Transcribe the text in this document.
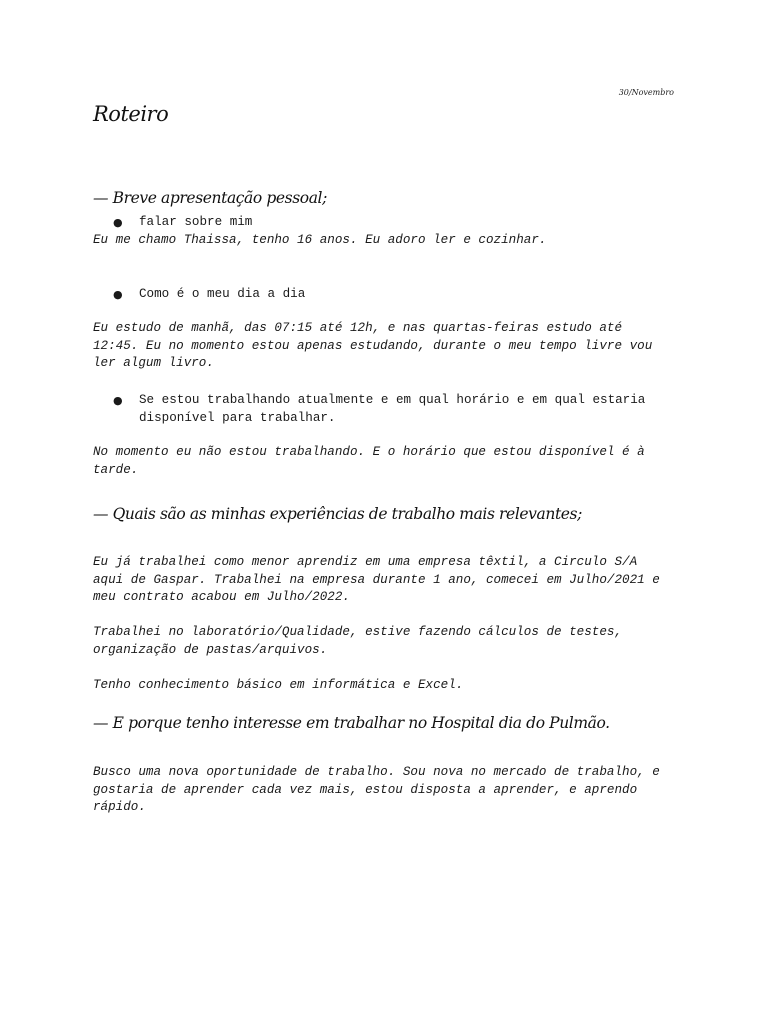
30/Novembro
Roteiro
— Breve apresentação pessoal;
● falar sobre mim

Eu me chamo Thaissa, tenho 16 anos. Eu adoro ler e cozinhar.

● Como é o meu dia a dia

Eu estudo de manhã, das 07:15 até 12h, e nas quartas-feiras estudo até 12:45. Eu no momento estou apenas estudando, durante o meu tempo livre vou ler algum livro.

● Se estou trabalhando atualmente e em qual horário e em qual estaria disponível para trabalhar.

No momento eu não estou trabalhando. E o horário que estou disponível é à tarde.

— Quais são as minhas experiências de trabalho mais relevantes;

Eu já trabalhei como menor aprendiz em uma empresa têxtil, a Circulo S/A aqui de Gaspar. Trabalhei na empresa durante 1 ano, comecei em Julho/2021 e meu contrato acabou em Julho/2022.

Trabalhei no laboratório/Qualidade, estive fazendo cálculos de testes, organização de pastas/arquivos.

Tenho conhecimento básico em informática e Excel.

— E porque tenho interesse em trabalhar no Hospital dia do Pulmão.

Busco uma nova oportunidade de trabalho. Sou nova no mercado de trabalho, e gostaria de aprender cada vez mais, estou disposta a aprender, e aprendo rápido.
